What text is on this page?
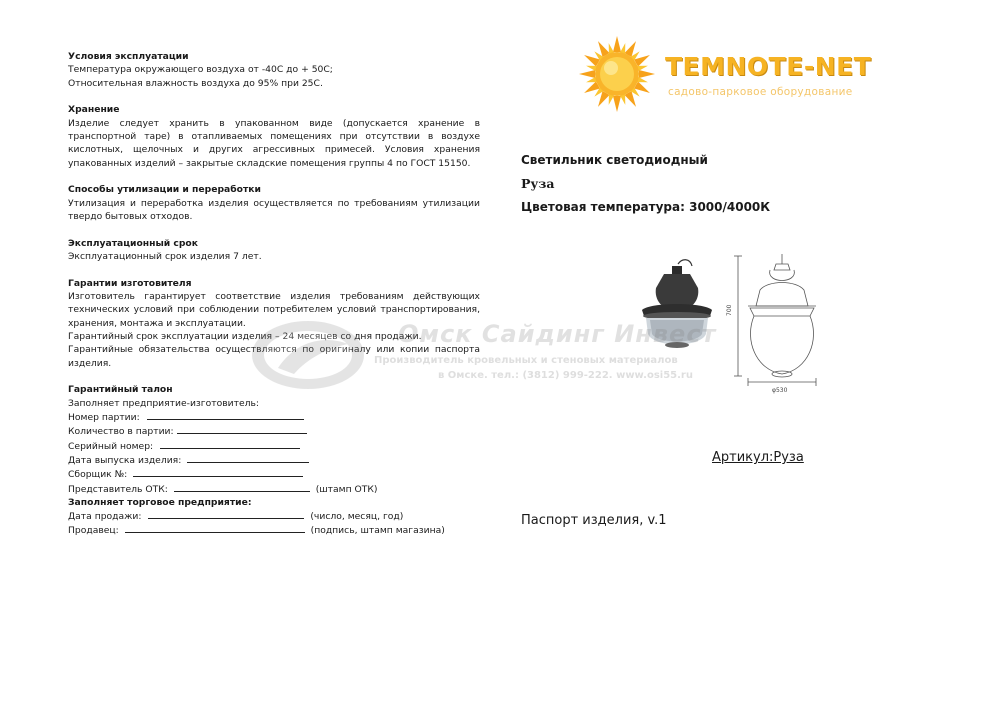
Условия эксплуатации
Температура окружающего воздуха от -40С до + 50С;
Относительная влажность воздуха до 95% при 25С.
Хранение
Изделие следует хранить в упакованном виде (допускается хранение в транспортной таре) в отапливаемых помещениях при отсутствии в воздухе кислотных, щелочных и других агрессивных примесей. Условия хранения упакованных изделий – закрытые складские помещения группы 4 по ГОСТ 15150.
Способы утилизации и переработки
Утилизация и переработка изделия осуществляется по требованиям утилизации твердо бытовых отходов.
Эксплуатационный срок
Эксплуатационный срок изделия 7 лет.
Гарантии изготовителя
Изготовитель гарантирует соответствие изделия требованиям действующих технических условий при соблюдении потребителем условий транспортирования, хранения, монтажа и эксплуатации.
Гарантийный срок эксплуатации изделия – 24 месяцев со дня продажи.
Гарантийные обязательства осуществляются по оригиналу или копии паспорта изделия.
Гарантийный талон
Заполняет предприятие-изготовитель:
Номер партии:
Количество в партии:
Серийный номер:
Дата выпуска изделия:
Сборщик №:
Представитель ОТК:	(штамп ОТК)
Заполняет торговое предприятие:
Дата продажи:	(число, месяц, год)
Продавец:	(подпись, штамп магазина)
TEMNOTE-NET
садово-парковое оборудование
Светильник светодиодный
Руза
Цветовая температура: 3000/4000К
700
φ530
Артикул:Руза
Паспорт изделия, v.1
Омск Сайдинг Инвест
Производитель кровельных и стеновых материалов
в Омске. тел.: (3812) 999-222. www.osi55.ru
